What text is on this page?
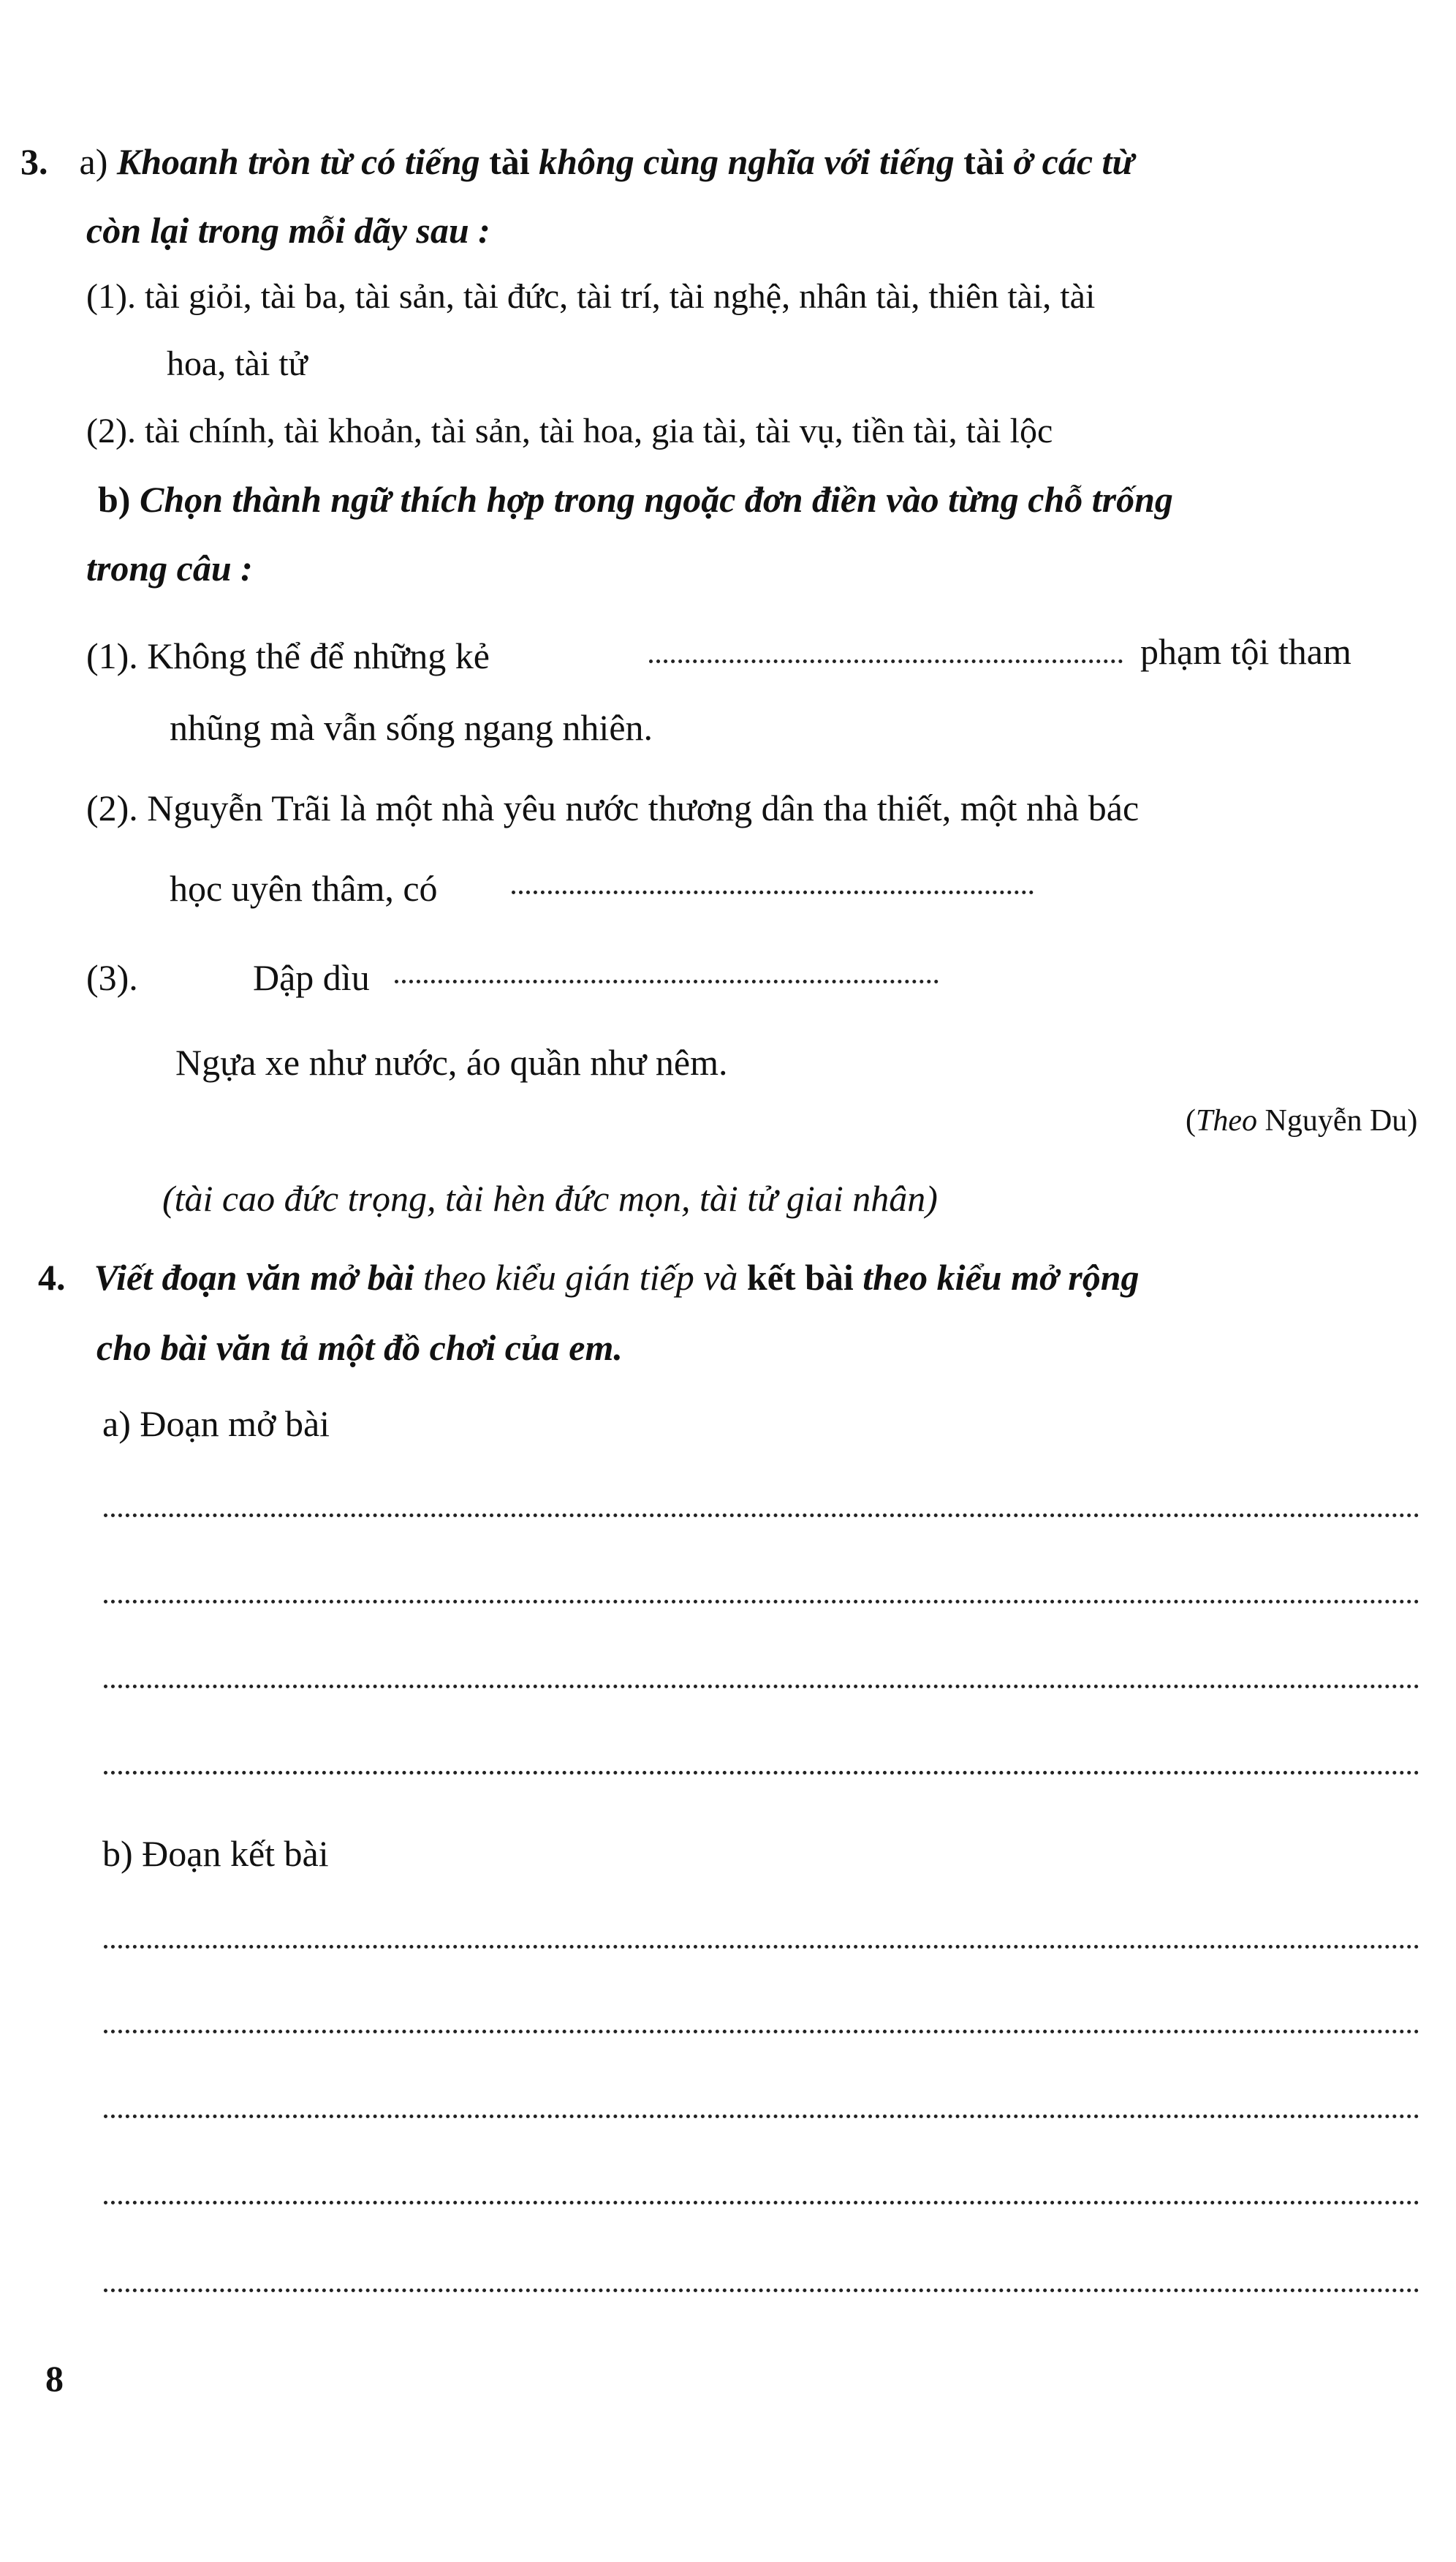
3. a) Khoanh tròn từ có tiếng tài không cùng nghĩa với tiếng tài ở các từ
còn lại trong mỗi dãy sau :
(1). tài giỏi, tài ba, tài sản, tài đức, tài trí, tài nghệ, nhân tài, thiên tài, tài
hoa, tài tử
(2). tài chính, tài khoản, tài sản, tài hoa, gia tài, tài vụ, tiền tài, tài lộc
b) Chọn thành ngữ thích hợp trong ngoặc đơn điền vào từng chỗ trống
trong câu :
(1). Không thể để những kẻ	phạm tội tham
nhũng mà vẫn sống ngang nhiên.
(2). Nguyễn Trãi là một nhà yêu nước thương dân tha thiết, một nhà bác
học uyên thâm, có
(3).	Dập dìu
Ngựa xe như nước, áo quần như nêm.
(Theo Nguyễn Du)
(tài cao đức trọng, tài hèn đức mọn, tài tử giai nhân)
4. Viết đoạn văn mở bài theo kiểu gián tiếp và kết bài theo kiểu mở rộng
cho bài văn tả một đồ chơi của em.
a) Đoạn mở bài
b) Đoạn kết bài
8
